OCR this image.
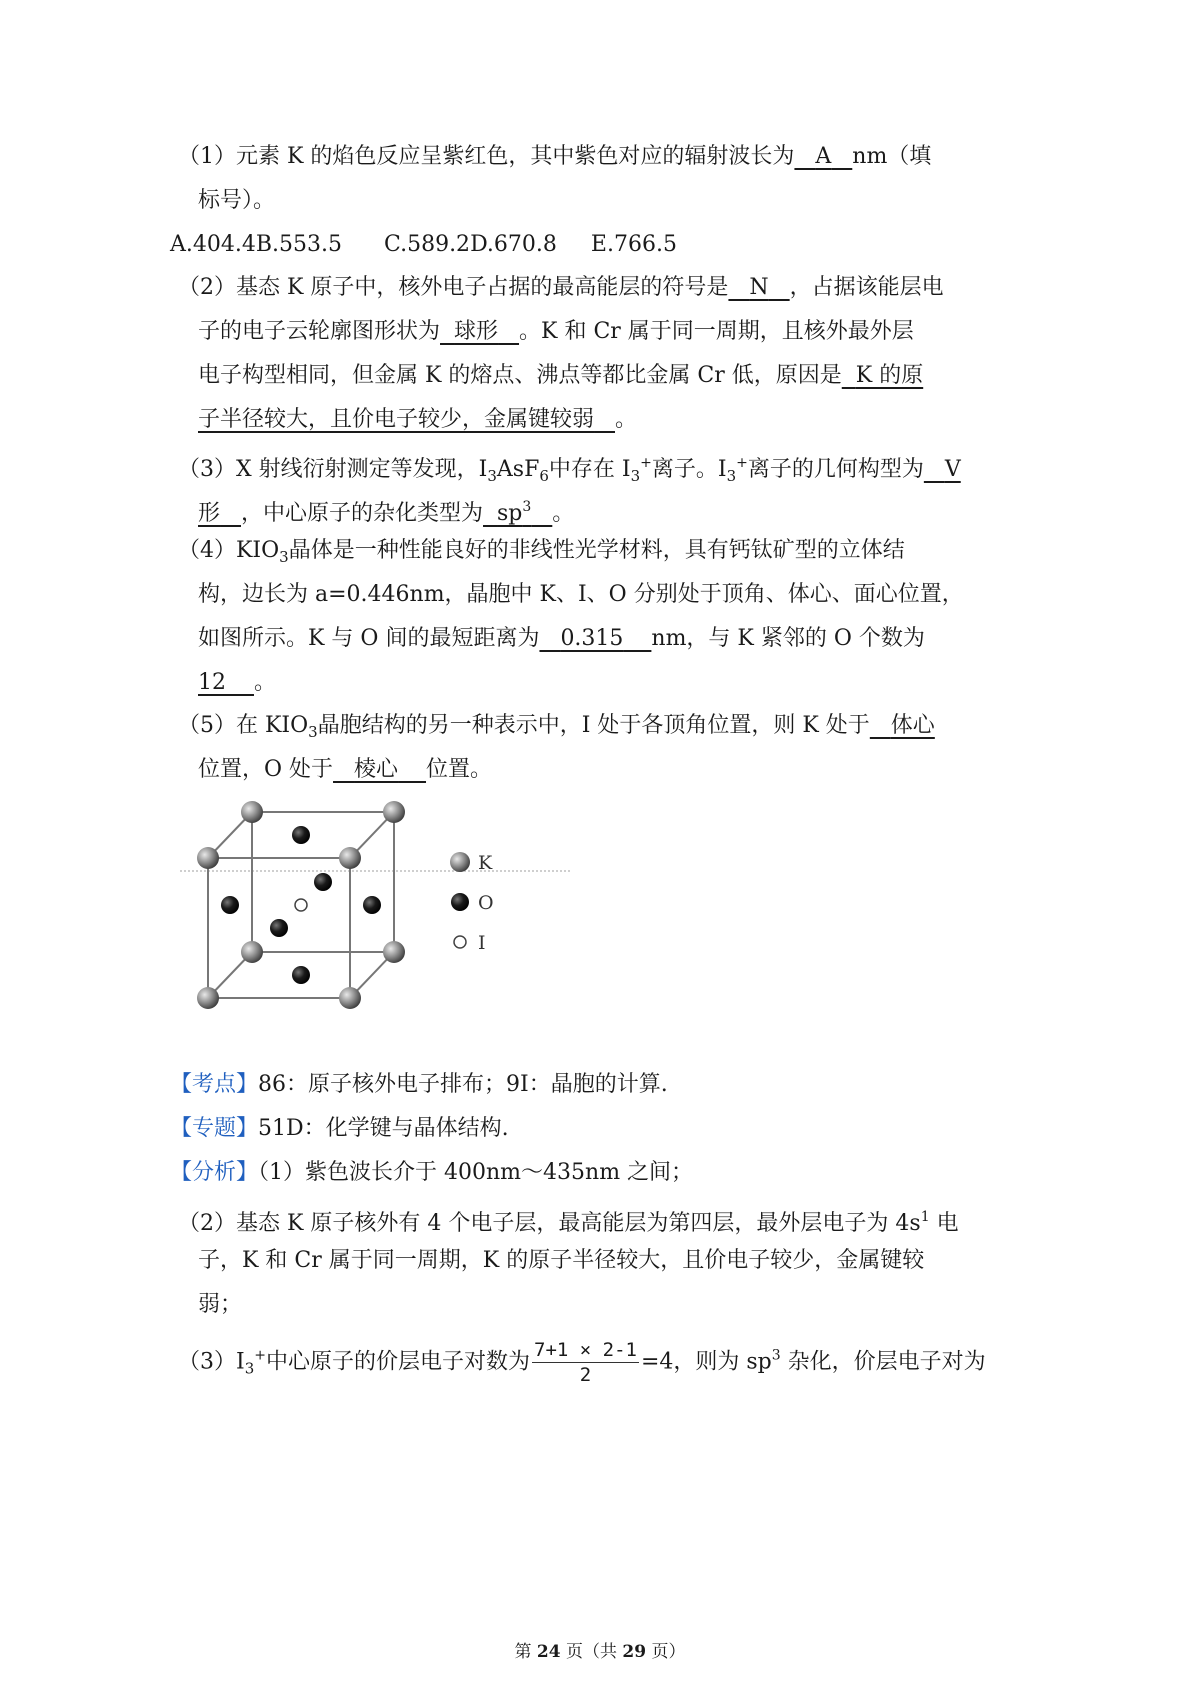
（1）元素 K 的焰色反应呈紫红色，其中紫色对应的辐射波长为 A nm（填
标号）。
A.404.4B.553.5 C.589.2D.670.8 E.766.5
（2）基态 K 原子中，核外电子占据的最高能层的符号是 N ，占据该能层电
子的电子云轮廓图形状为 球形 。K 和 Cr 属于同一周期，且核外最外层
电子构型相同，但金属 K 的熔点、沸点等都比金属 Cr 低，原因是 K 的原
子半径较大，且价电子较少，金属键较弱 。
（3）X 射线衍射测定等发现，$I_3AsF_6$中存在 $I_3^+$离子。$I_3^+$离子的几何构型为 V
形 ，中心原子的杂化类型为 $sp^3$ 。
$(4)KIO_3$晶体是一种性能良好的非线性光学材料，具有钙钛矿型的立体结
构，边长为 a=0.446nm，晶胞中 K、I、O 分别处于顶角、体心、面心位置，
如图所示。K 与 O 间的最短距离为 0.315 nm，与 K 紧邻的 O 个数为
12 。
（5）在 $KIO_3$晶胞结构的另一种表示中，I 处于各顶角位置，则 K 处于 体心
位置，O 处于 棱心 位置。
K
O
I
【考点】86：原子核外电子排布；9I：晶胞的计算.
【专题】51D：化学键与晶体结构.
【分析】（1）紫色波长介于 400nm～435nm 之间；
（2）基态 K 原子核外有 4 个电子层，最高能层为第四层，最外层电子为 $4s^1$ 电
子，K 和 Cr 属于同一周期，K 的原子半径较大，且价电子较少，金属键较
弱；
$(3)I_3^+$中心原子的价层电子对数为 $\frac{7+1 \times 2-1}{2} =4$，则为 $sp^3$ 杂化，价层电子对为
第 24 页（共 29 页）
